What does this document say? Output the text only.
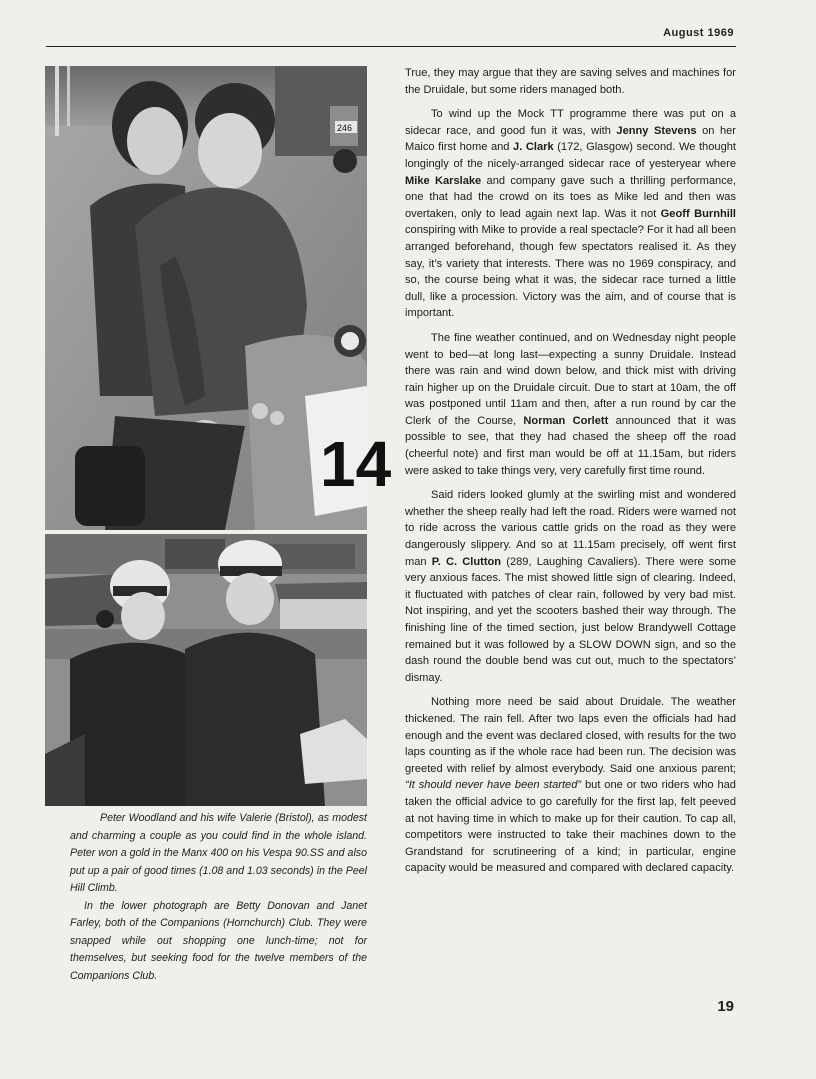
August 1969
246
14

Peter Woodland and his wife Valerie (Bristol), as modest and charming a couple as you could find in the whole island. Peter won a gold in the Manx 400 on his Vespa 90.SS and also put up a pair of good times (1.08 and 1.03 seconds) in the Peel Hill Climb.

In the lower photograph are Betty Donovan and Janet Farley, both of the Companions (Hornchurch) Club. They were snapped while out shopping one lunch-time; not for themselves, but seeking food for the twelve members of the Companions Club.

True, they may argue that they are saving selves and machines for the Druidale, but some riders managed both.

To wind up the Mock TT programme there was put on a sidecar race, and good fun it was, with Jenny Stevens on her Maico first home and J. Clark (172, Glasgow) second. We thought longingly of the nicely-arranged sidecar race of yesteryear where Mike Karslake and company gave such a thrilling performance, one that had the crowd on its toes as Mike led and then was overtaken, only to lead again next lap. Was it not Geoff Burnhill conspiring with Mike to provide a real spectacle? For it had all been arranged beforehand, though few spectators realised it. As they say, it’s variety that interests. There was no 1969 conspiracy, and so, the course being what it was, the sidecar race turned a little dull, like a procession. Victory was the aim, and of course that is important.

The fine weather continued, and on Wednesday night people went to bed—at long last—expecting a sunny Druidale. Instead there was rain and wind down below, and thick mist with driving rain higher up on the Druidale circuit. Due to start at 10am, the off was postponed until 11am and then, after a run round by car the Clerk of the Course, Norman Corlett announced that it was possible to see, that they had chased the sheep off the road (cheerful note) and first man would be off at 11.15am, but riders were asked to take things very, very carefully first time round.

Said riders looked glumly at the swirling mist and wondered whether the sheep really had left the road. Riders were warned not to ride across the various cattle grids on the road as they were dangerously slippery. And so at 11.15am precisely, off went first man P. C. Clutton (289, Laughing Cavaliers). There were some very anxious faces. The mist showed little sign of clearing. Indeed, it fluctuated with patches of clear rain, followed by very bad mist. Not inspiring, and yet the scooters bashed their way through. The finishing line of the timed section, just below Brandywell Cottage remained but it was followed by a SLOW DOWN sign, and so the dash round the double bend was cut out, much to the spectators’ dismay.

Nothing more need be said about Druidale. The weather thickened. The rain fell. After two laps even the officials had had enough and the event was declared closed, with results for the two laps counting as if the whole race had been run. The decision was greeted with relief by almost everybody. Said one anxious parent; “It should never have been started” but one or two riders who had taken the official advice to go carefully for the first lap, felt peeved at not having time in which to make up for their caution. To cap all, competitors were instructed to take their machines down to the Grandstand for scrutineering of a kind; in particular, engine capacity would be measured and compared with declared capacity.

19
